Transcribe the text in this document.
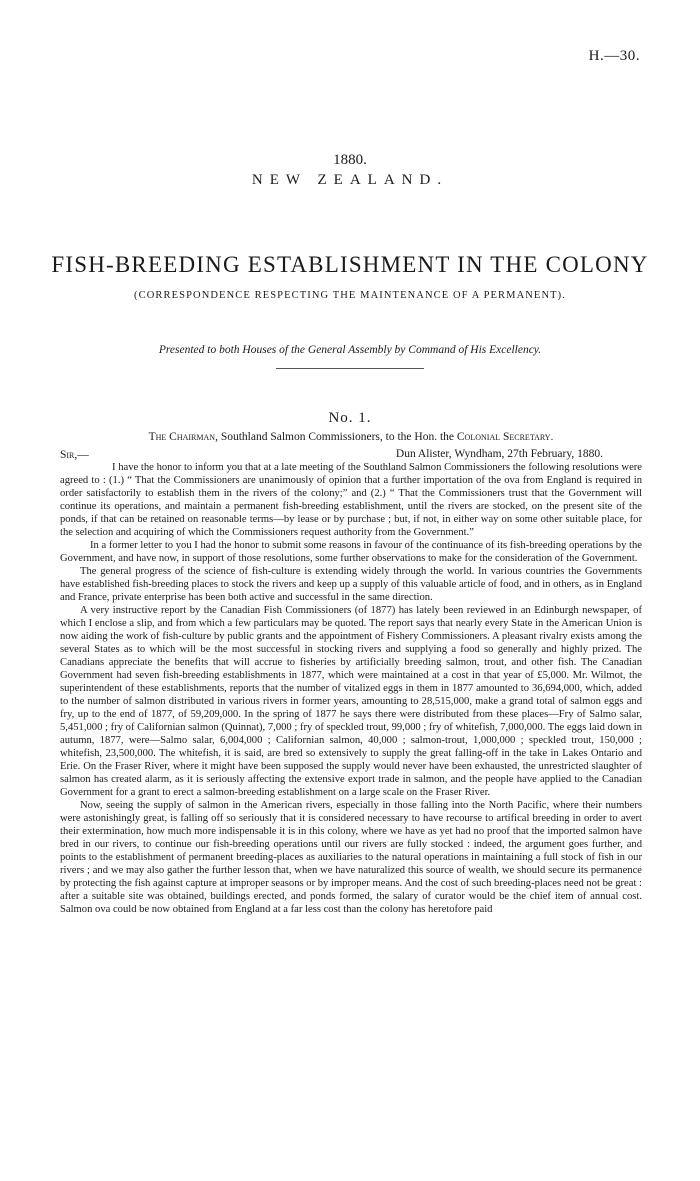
H.—30.
1880.
NEW ZEALAND.
FISH-BREEDING ESTABLISHMENT IN THE COLONY
(CORRESPONDENCE RESPECTING THE MAINTENANCE OF A PERMANENT).
Presented to both Houses of the General Assembly by Command of His Excellency.
No. 1.
The Chairman, Southland Salmon Commissioners, to the Hon. the Colonial Secretary.
Sir,—	Dun Alister, Wyndham, 27th February, 1880.

I have the honor to inform you that at a late meeting of the Southland Salmon Commissioners the following resolutions were agreed to : (1.) “ That the Commissioners are unanimously of opinion that a further importation of the ova from England is required in order satisfactorily to establish them in the rivers of the colony;” and (2.) “ That the Commissioners trust that the Government will continue its operations, and maintain a permanent fish-breeding establishment, until the rivers are stocked, on the present site of the ponds, if that can be retained on reasonable terms—by lease or by purchase ; but, if not, in either way on some other suitable place, for the selection and acquiring of which the Commissioners request authority from the Government.”

In a former letter to you I had the honor to submit some reasons in favour of the continuance of its fish-breeding operations by the Government, and have now, in support of those resolutions, some further observations to make for the consideration of the Government.

The general progress of the science of fish-culture is extending widely through the world. In various countries the Governments have established fish-breeding places to stock the rivers and keep up a supply of this valuable article of food, and in others, as in England and France, private enterprise has been both active and successful in the same direction.

A very instructive report by the Canadian Fish Commissioners (of 1877) has lately been reviewed in an Edinburgh newspaper, of which I enclose a slip, and from which a few particulars may be quoted. The report says that nearly every State in the American Union is now aiding the work of fish-culture by public grants and the appointment of Fishery Commissioners. A pleasant rivalry exists among the several States as to which will be the most successful in stocking rivers and supplying a food so generally and highly prized. The Canadians appreciate the benefits that will accrue to fisheries by artificially breeding salmon, trout, and other fish. The Canadian Government had seven fish-breeding establishments in 1877, which were maintained at a cost in that year of £5,000. Mr. Wilmot, the superintendent of these establishments, reports that the number of vitalized eggs in them in 1877 amounted to 36,694,000, which, added to the number of salmon distributed in various rivers in former years, amounting to 28,515,000, make a grand total of salmon eggs and fry, up to the end of 1877, of 59,209,000. In the spring of 1877 he says there were distributed from these places—Fry of Salmo salar, 5,451,000 ; fry of Californian salmon (Quinnat), 7,000 ; fry of speckled trout, 99,000 ; fry of whitefish, 7,000,000. The eggs laid down in autumn, 1877, were—Salmo salar, 6,004,000 ; Californian salmon, 40,000 ; salmon-trout, 1,000,000 ; speckled trout, 150,000 ; whitefish, 23,500,000. The whitefish, it is said, are bred so extensively to supply the great falling-off in the take in Lakes Ontario and Erie. On the Fraser River, where it might have been supposed the supply would never have been exhausted, the unrestricted slaughter of salmon has created alarm, as it is seriously affecting the extensive export trade in salmon, and the people have applied to the Canadian Government for a grant to erect a salmon-breeding establishment on a large scale on the Fraser River.

Now, seeing the supply of salmon in the American rivers, especially in those falling into the North Pacific, where their numbers were astonishingly great, is falling off so seriously that it is considered necessary to have recourse to artifical breeding in order to avert their extermination, how much more indispensable it is in this colony, where we have as yet had no proof that the imported salmon have bred in our rivers, to continue our fish-breeding operations until our rivers are fully stocked : indeed, the argument goes further, and points to the establishment of permanent breeding-places as auxiliaries to the natural operations in maintaining a full stock of fish in our rivers ; and we may also gather the further lesson that, when we have naturalized this source of wealth, we should secure its permanence by protecting the fish against capture at improper seasons or by improper means. And the cost of such breeding-places need not be great : after a suitable site was obtained, buildings erected, and ponds formed, the salary of curator would be the chief item of annual cost. Salmon ova could be now obtained from England at a far less cost than the colony has heretofore paid
